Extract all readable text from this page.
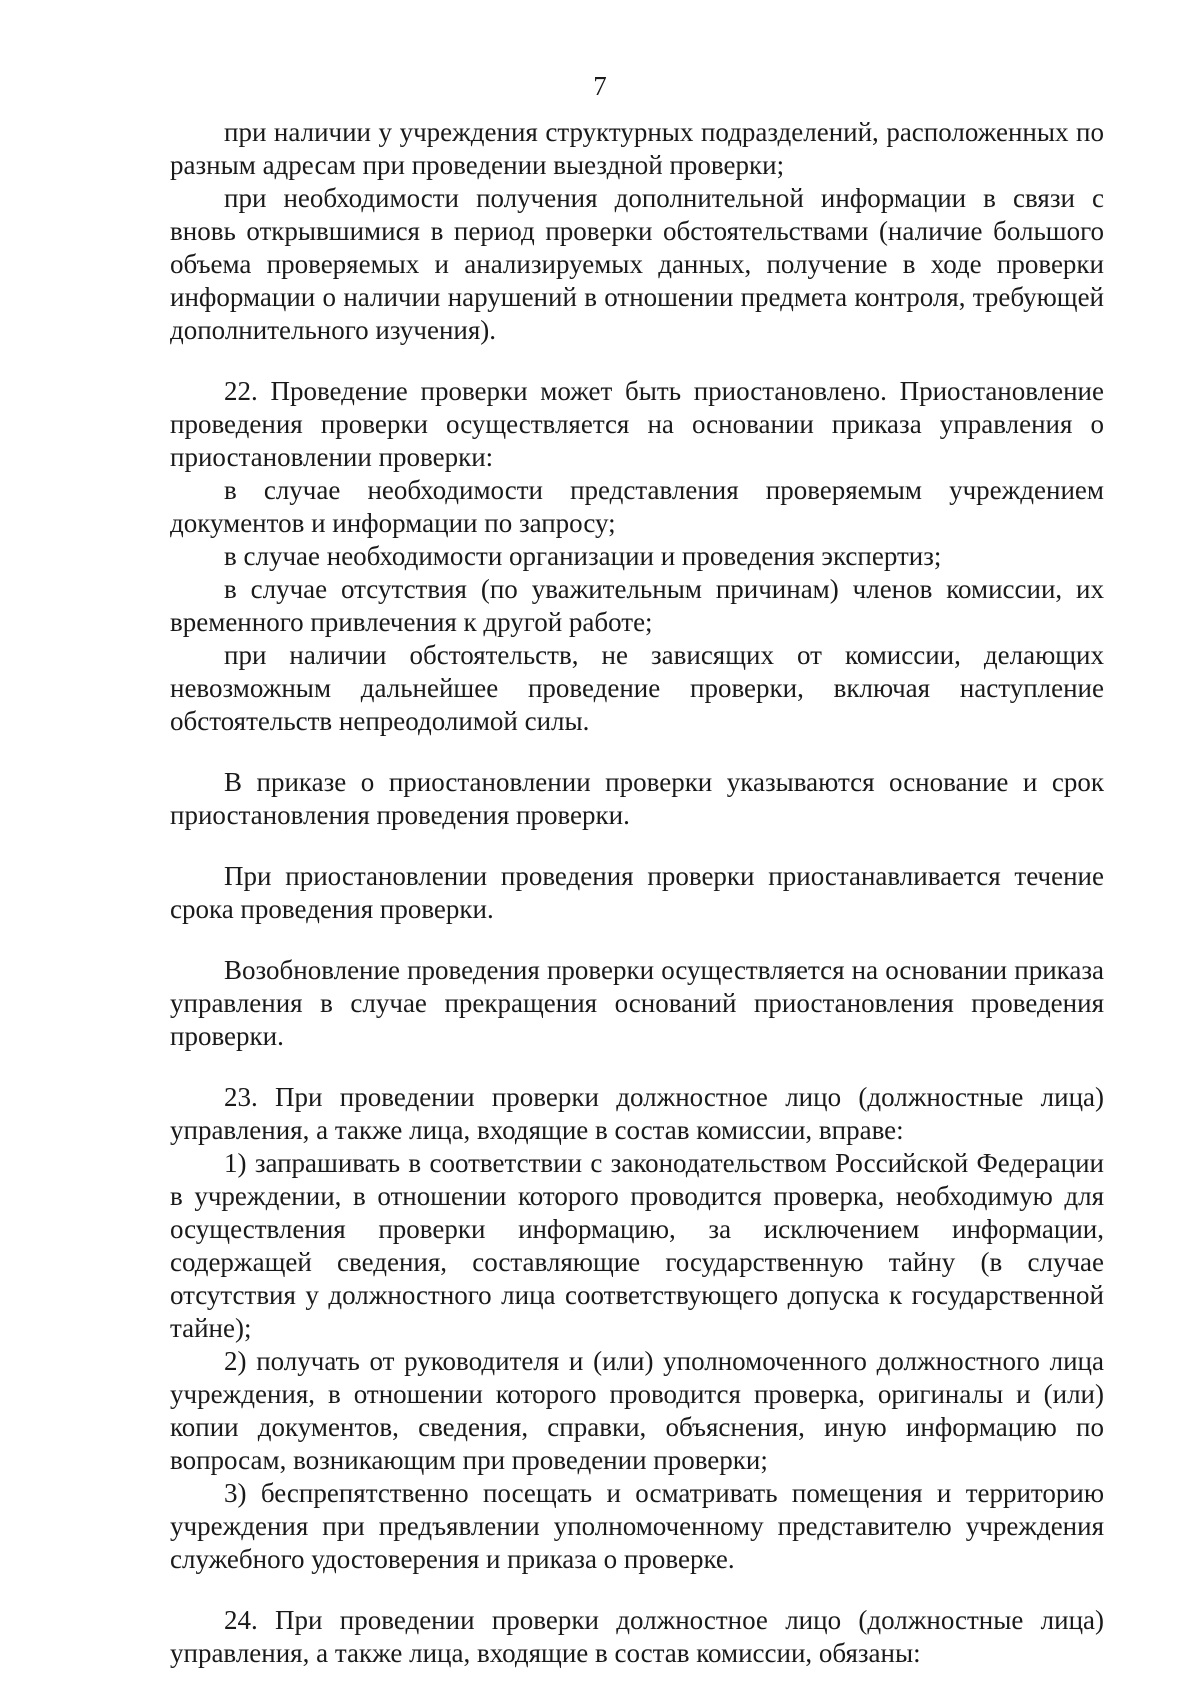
7

при наличии у учреждения структурных подразделений, расположенных по разным адресам при проведении выездной проверки;

при необходимости получения дополнительной информации в связи с вновь открывшимися в период проверки обстоятельствами (наличие большого объема проверяемых и анализируемых данных, получение в ходе проверки информации о наличии нарушений в отношении предмета контроля, требующей дополнительного изучения).

22. Проведение проверки может быть приостановлено. Приостановление проведения проверки осуществляется на основании приказа управления о приостановлении проверки:

в случае необходимости представления проверяемым учреждением документов и информации по запросу;

в случае необходимости организации и проведения экспертиз;

в случае отсутствия (по уважительным причинам) членов комиссии, их временного привлечения к другой работе;

при наличии обстоятельств, не зависящих от комиссии, делающих невозможным дальнейшее проведение проверки, включая наступление обстоятельств непреодолимой силы.

В приказе о приостановлении проверки указываются основание и срок приостановления проведения проверки.

При приостановлении проведения проверки приостанавливается течение срока проведения проверки.

Возобновление проведения проверки осуществляется на основании приказа управления в случае прекращения оснований приостановления проведения проверки.

23. При проведении проверки должностное лицо (должностные лица) управления, а также лица, входящие в состав комиссии, вправе:

1) запрашивать в соответствии с законодательством Российской Федерации в учреждении, в отношении которого проводится проверка, необходимую для осуществления проверки информацию, за исключением информации, содержащей сведения, составляющие государственную тайну (в случае отсутствия у должностного лица соответствующего допуска к государственной тайне);

2) получать от руководителя и (или) уполномоченного должностного лица учреждения, в отношении которого проводится проверка, оригиналы и (или) копии документов, сведения, справки, объяснения, иную информацию по вопросам, возникающим при проведении проверки;

3) беспрепятственно посещать и осматривать помещения и территорию учреждения при предъявлении уполномоченному представителю учреждения служебного удостоверения и приказа о проверке.

24. При проведении проверки должностное лицо (должностные лица) управления, а также лица, входящие в состав комиссии, обязаны:
